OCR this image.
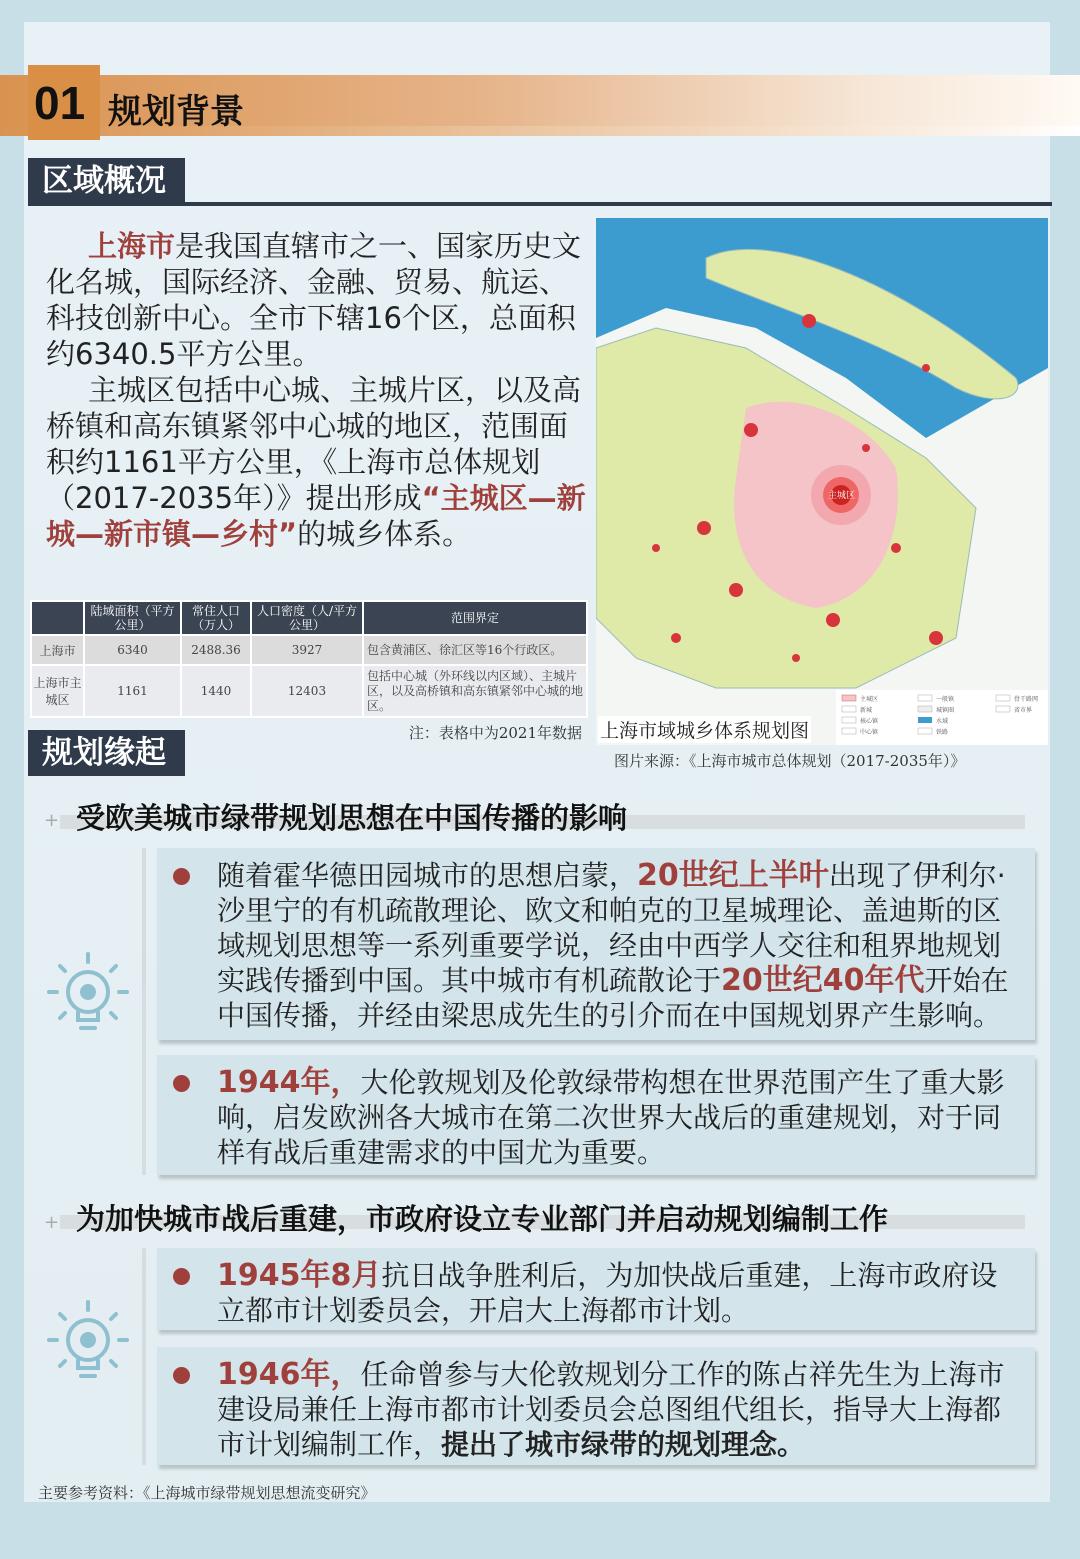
01 规划背景
区域概况

上海市是我国直辖市之一、国家历史文化名城，国际经济、金融、贸易、航运、科技创新中心。全市下辖16个区，总面积约6340.5平方公里。

主城区包括中心城、主城片区，以及高桥镇和高东镇紧邻中心城的地区，范围面积约1161平方公里，《上海市总体规划（2017-2035年）》提出形成“主城区—新城—新市镇—乡村”的城乡体系。

	陆域面积（平方公里）	常住人口（万人）	人口密度（人/平方公里）	范围界定
上海市	6340	2488.36	3927	包含黄浦区、徐汇区等16个行政区。
上海市主城区	1161	1440	12403	包括中心城（外环线以内区域）、主城片区，以及高桥镇和高东镇紧邻中心城的地区。
注：表格中为2021年数据
主城区
主城区
新城
核心镇
中心镇
一般镇
城镇圈
水域
铁路
骨干路网
省市界
上海市域城乡体系规划图
图片来源：《上海市城市总体规划（2017-2035年）》
规划缘起
+ 受欧美城市绿带规划思想在中国传播的影响
随着霍华德田园城市的思想启蒙，20世纪上半叶出现了伊利尔·沙里宁的有机疏散理论、欧文和帕克的卫星城理论、盖迪斯的区域规划思想等一系列重要学说，经由中西学人交往和租界地规划实践传播到中国。其中城市有机疏散论于20世纪40年代开始在中国传播，并经由梁思成先生的引介而在中国规划界产生影响。
1944年，大伦敦规划及伦敦绿带构想在世界范围产生了重大影响，启发欧洲各大城市在第二次世界大战后的重建规划，对于同样有战后重建需求的中国尤为重要。
+ 为加快城市战后重建，市政府设立专业部门并启动规划编制工作
1945年8月抗日战争胜利后，为加快战后重建，上海市政府设立都市计划委员会，开启大上海都市计划。
1946年，任命曾参与大伦敦规划分工作的陈占祥先生为上海市建设局兼任上海市都市计划委员会总图组代组长，指导大上海都市计划编制工作，提出了城市绿带的规划理念。
主要参考资料：《上海城市绿带规划思想流变研究》
